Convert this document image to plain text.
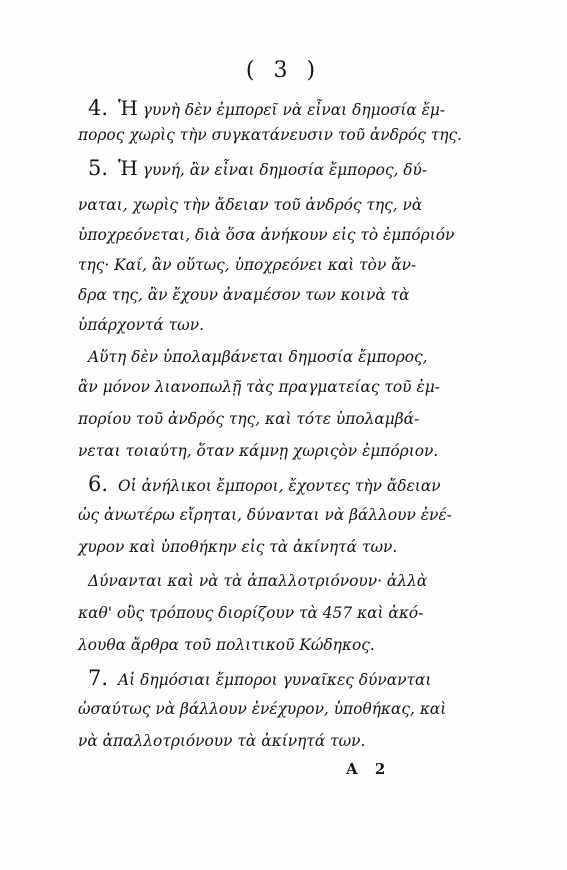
( 3 )
4. Ἡ γυνὴ δὲν ἐμπορεῖ νὰ εἶναι δημοσία ἔμ-
πορος χωρὶς τὴν συγκατάνευσιν τοῦ ἀνδρός της.
5. Ἡ γυνή, ἂν εἶναι δημοσία ἔμπορος, δύ-
ναται, χωρὶς τὴν ἄδειαν τοῦ ἀνδρός της, νὰ
ὑποχρεόνεται, διὰ ὅσα ἀνήκουν εἰς τὸ ἐμπόριόν
της· Καί, ἂν οὕτως, ὑποχρεόνει καὶ τὸν ἄν-
δρα της, ἂν ἔχουν ἀναμέσον των κοινὰ τὰ
ὑπάρχοντά των.
Αὕτη δὲν ὑπολαμβάνεται δημοσία ἔμπορος,
ἂν μόνον λιανοπωλῇ τὰς πραγματείας τοῦ ἐμ-
πορίου τοῦ ἀνδρός της, καὶ τότε ὑπολαμβά-
νεται τοιαύτη, ὅταν κάμνῃ χωριςὸν ἐμπόριον.
6. Οἱ ἀνήλικοι ἔμποροι, ἔχοντες τὴν ἄδειαν
ὡς ἀνωτέρω εἴρηται, δύνανται νὰ βάλλουν ἐνέ-
χυρον καὶ ὑποθήκην εἰς τὰ ἀκίνητά των.
Δύνανται καὶ νὰ τὰ ἀπαλλοτριόνουν· ἀλλὰ
καθ' οὓς τρόπους διορίζουν τὰ 457 καὶ ἀκό-
λουθα ἄρθρα τοῦ πολιτικοῦ Κώδηκος.
7. Αἱ δημόσιαι ἔμποροι γυναῖκες δύνανται
ὡσαύτως νὰ βάλλουν ἐνέχυρον, ὑποθήκας, καὶ
νὰ ἀπαλλοτριόνουν τὰ ἀκίνητά των.
A 2
